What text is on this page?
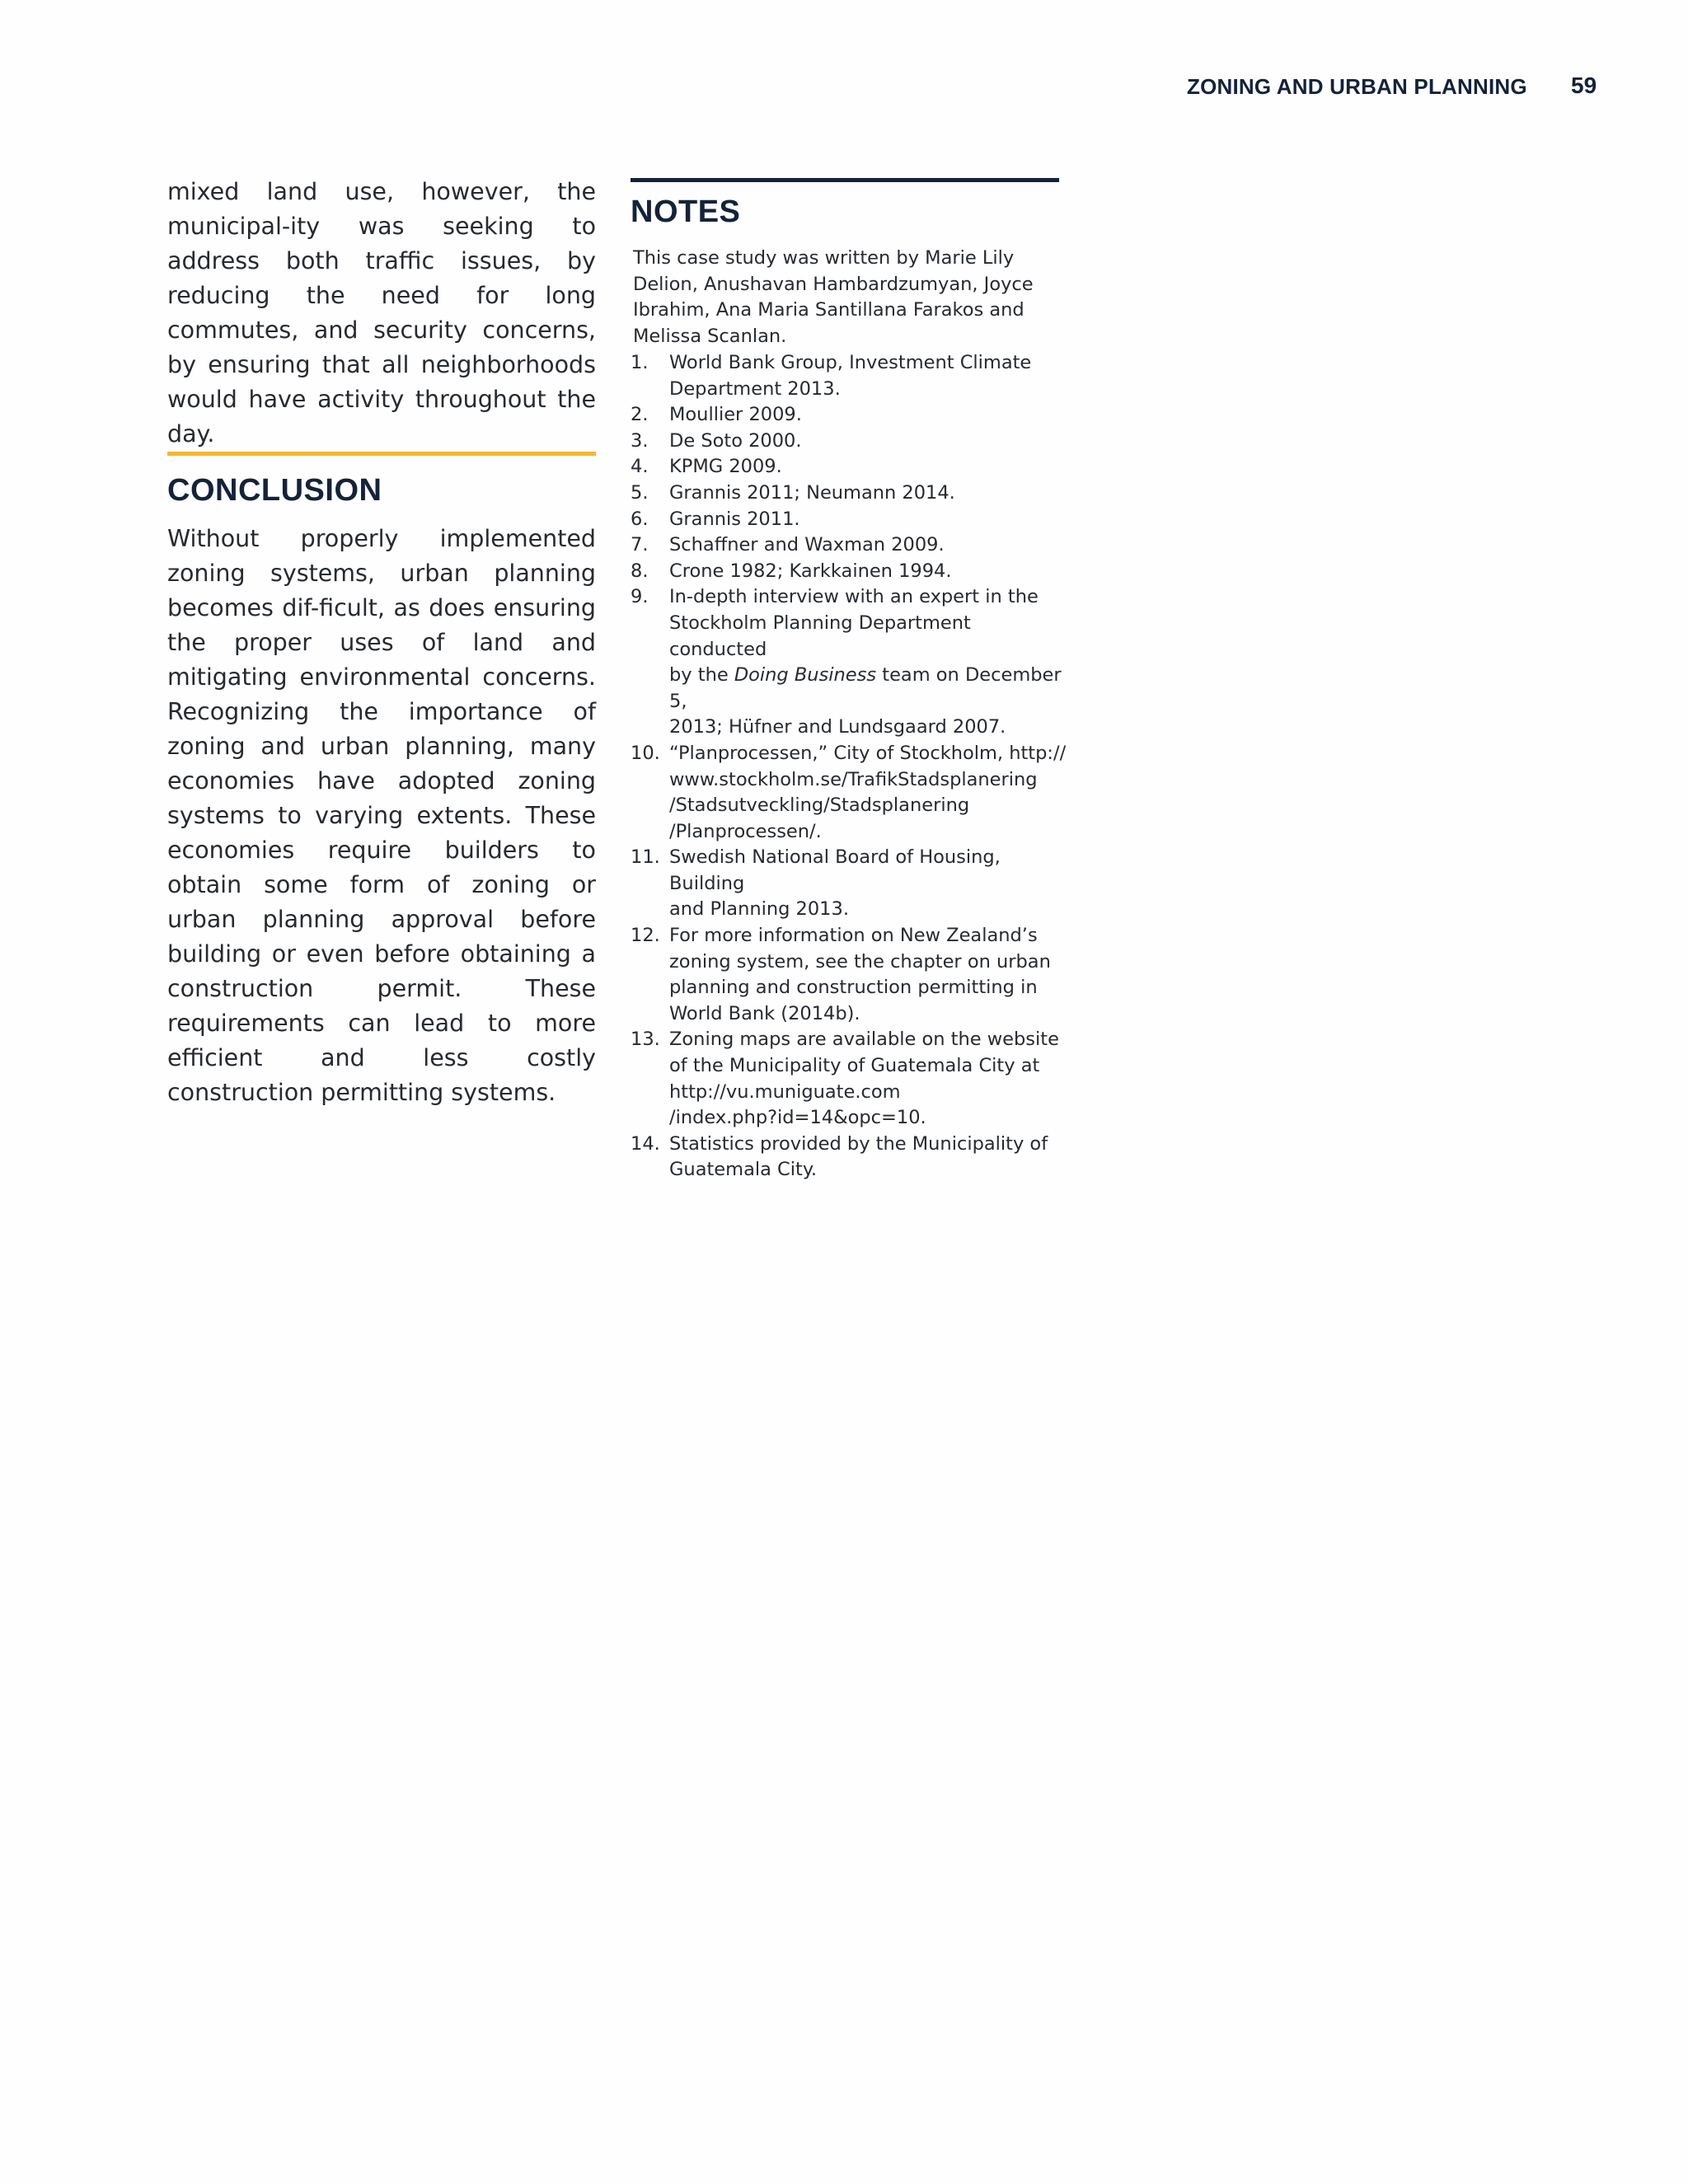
ZONING AND URBAN PLANNING 59

mixed land use, however, the municipal-ity was seeking to address both traffic issues, by reducing the need for long commutes, and security concerns, by ensuring that all neighborhoods would have activity throughout the day.

CONCLUSION

Without properly implemented zoning systems, urban planning becomes dif-ficult, as does ensuring the proper uses of land and mitigating environmental concerns. Recognizing the importance of zoning and urban planning, many economies have adopted zoning systems to varying extents. These economies require builders to obtain some form of zoning or urban planning approval before building or even before obtaining a construction permit. These requirements can lead to more efficient and less costly construction permitting systems.

NOTES

This case study was written by Marie Lily Delion, Anushavan Hambardzumyan, Joyce Ibrahim, Ana Maria Santillana Farakos and Melissa Scanlan.

1.	World Bank Group, Investment Climate
Department 2013.
2.	Moullier 2009.
3.	De Soto 2000.
4.	KPMG 2009.
5.	Grannis 2011; Neumann 2014.
6.	Grannis 2011.
7.	Schaffner and Waxman 2009.
8.	Crone 1982; Karkkainen 1994.
9.	In-depth interview with an expert in the
Stockholm Planning Department conducted
by the Doing Business team on December 5,
2013; Hüfner and Lundsgaard 2007.
10. “Planprocessen,” City of Stockholm, http://
www.stockholm.se/TrafikStadsplanering
/Stadsutveckling/Stadsplanering
/Planprocessen/.
11. Swedish National Board of Housing, Building
and Planning 2013.
12. For more information on New Zealand’s
zoning system, see the chapter on urban
planning and construction permitting in
World Bank (2014b).
13. Zoning maps are available on the website
of the Municipality of Guatemala City at
http://vu.muniguate.com
/index.php?id=14&opc=10.
14. Statistics provided by the Municipality of
Guatemala City.
